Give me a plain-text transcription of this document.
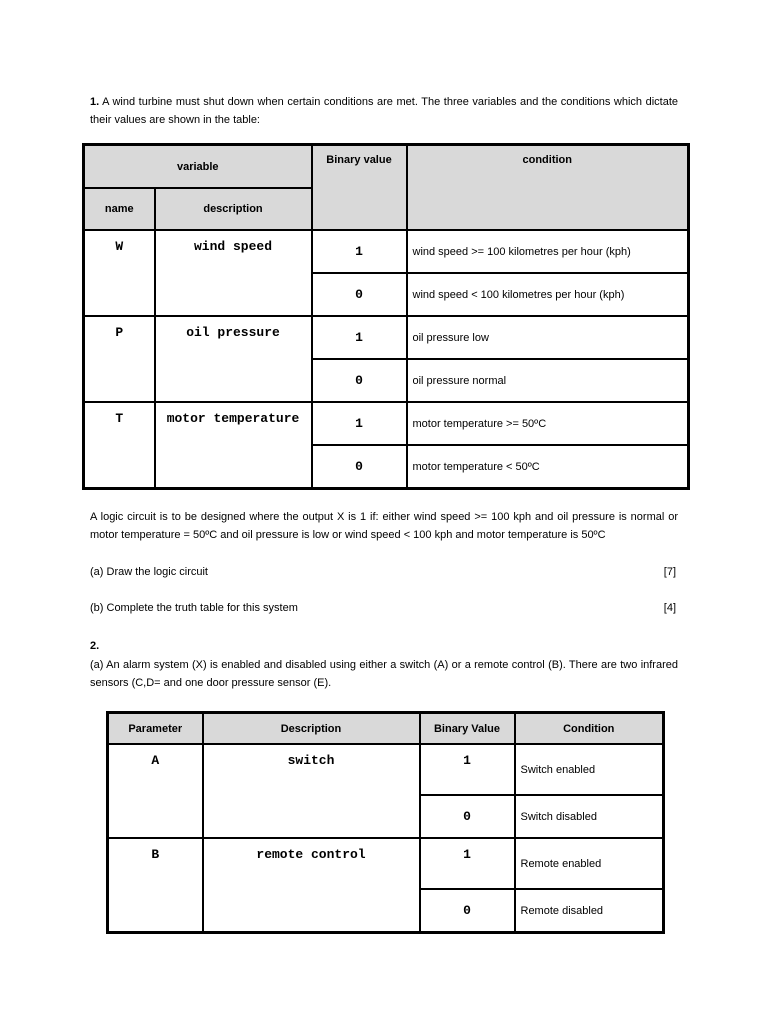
1. A wind turbine must shut down when certain conditions are met. The three variables and the conditions which dictate their values are shown in the table:
variable		Binary value	condition
name	description		
W	wind speed	1	wind speed >= 100 kilometres per hour (kph)
		0	wind speed < 100 kilometres per hour (kph)
P	oil pressure	1	oil pressure low
		0	oil pressure normal
T	motor temperature	1	motor temperature >= 50ºC
		0	motor temperature < 50ºC
A logic circuit is to be designed where the output X is 1 if: either wind speed >= 100 kph and oil pressure is normal or motor temperature = 50ºC and oil pressure is low or wind speed < 100 kph and motor temperature is 50ºC
(a) Draw the logic circuit	[7]
(b) Complete the truth table for this system	[4]
2.
(a) An alarm system (X) is enabled and disabled using either a switch (A) or a remote control (B). There are two infrared sensors (C,D= and one door pressure sensor (E).
Parameter	Description	Binary Value	Condition
A	switch	1	Switch enabled
		0	Switch disabled
B	remote control	1	Remote enabled
		0	Remote disabled
